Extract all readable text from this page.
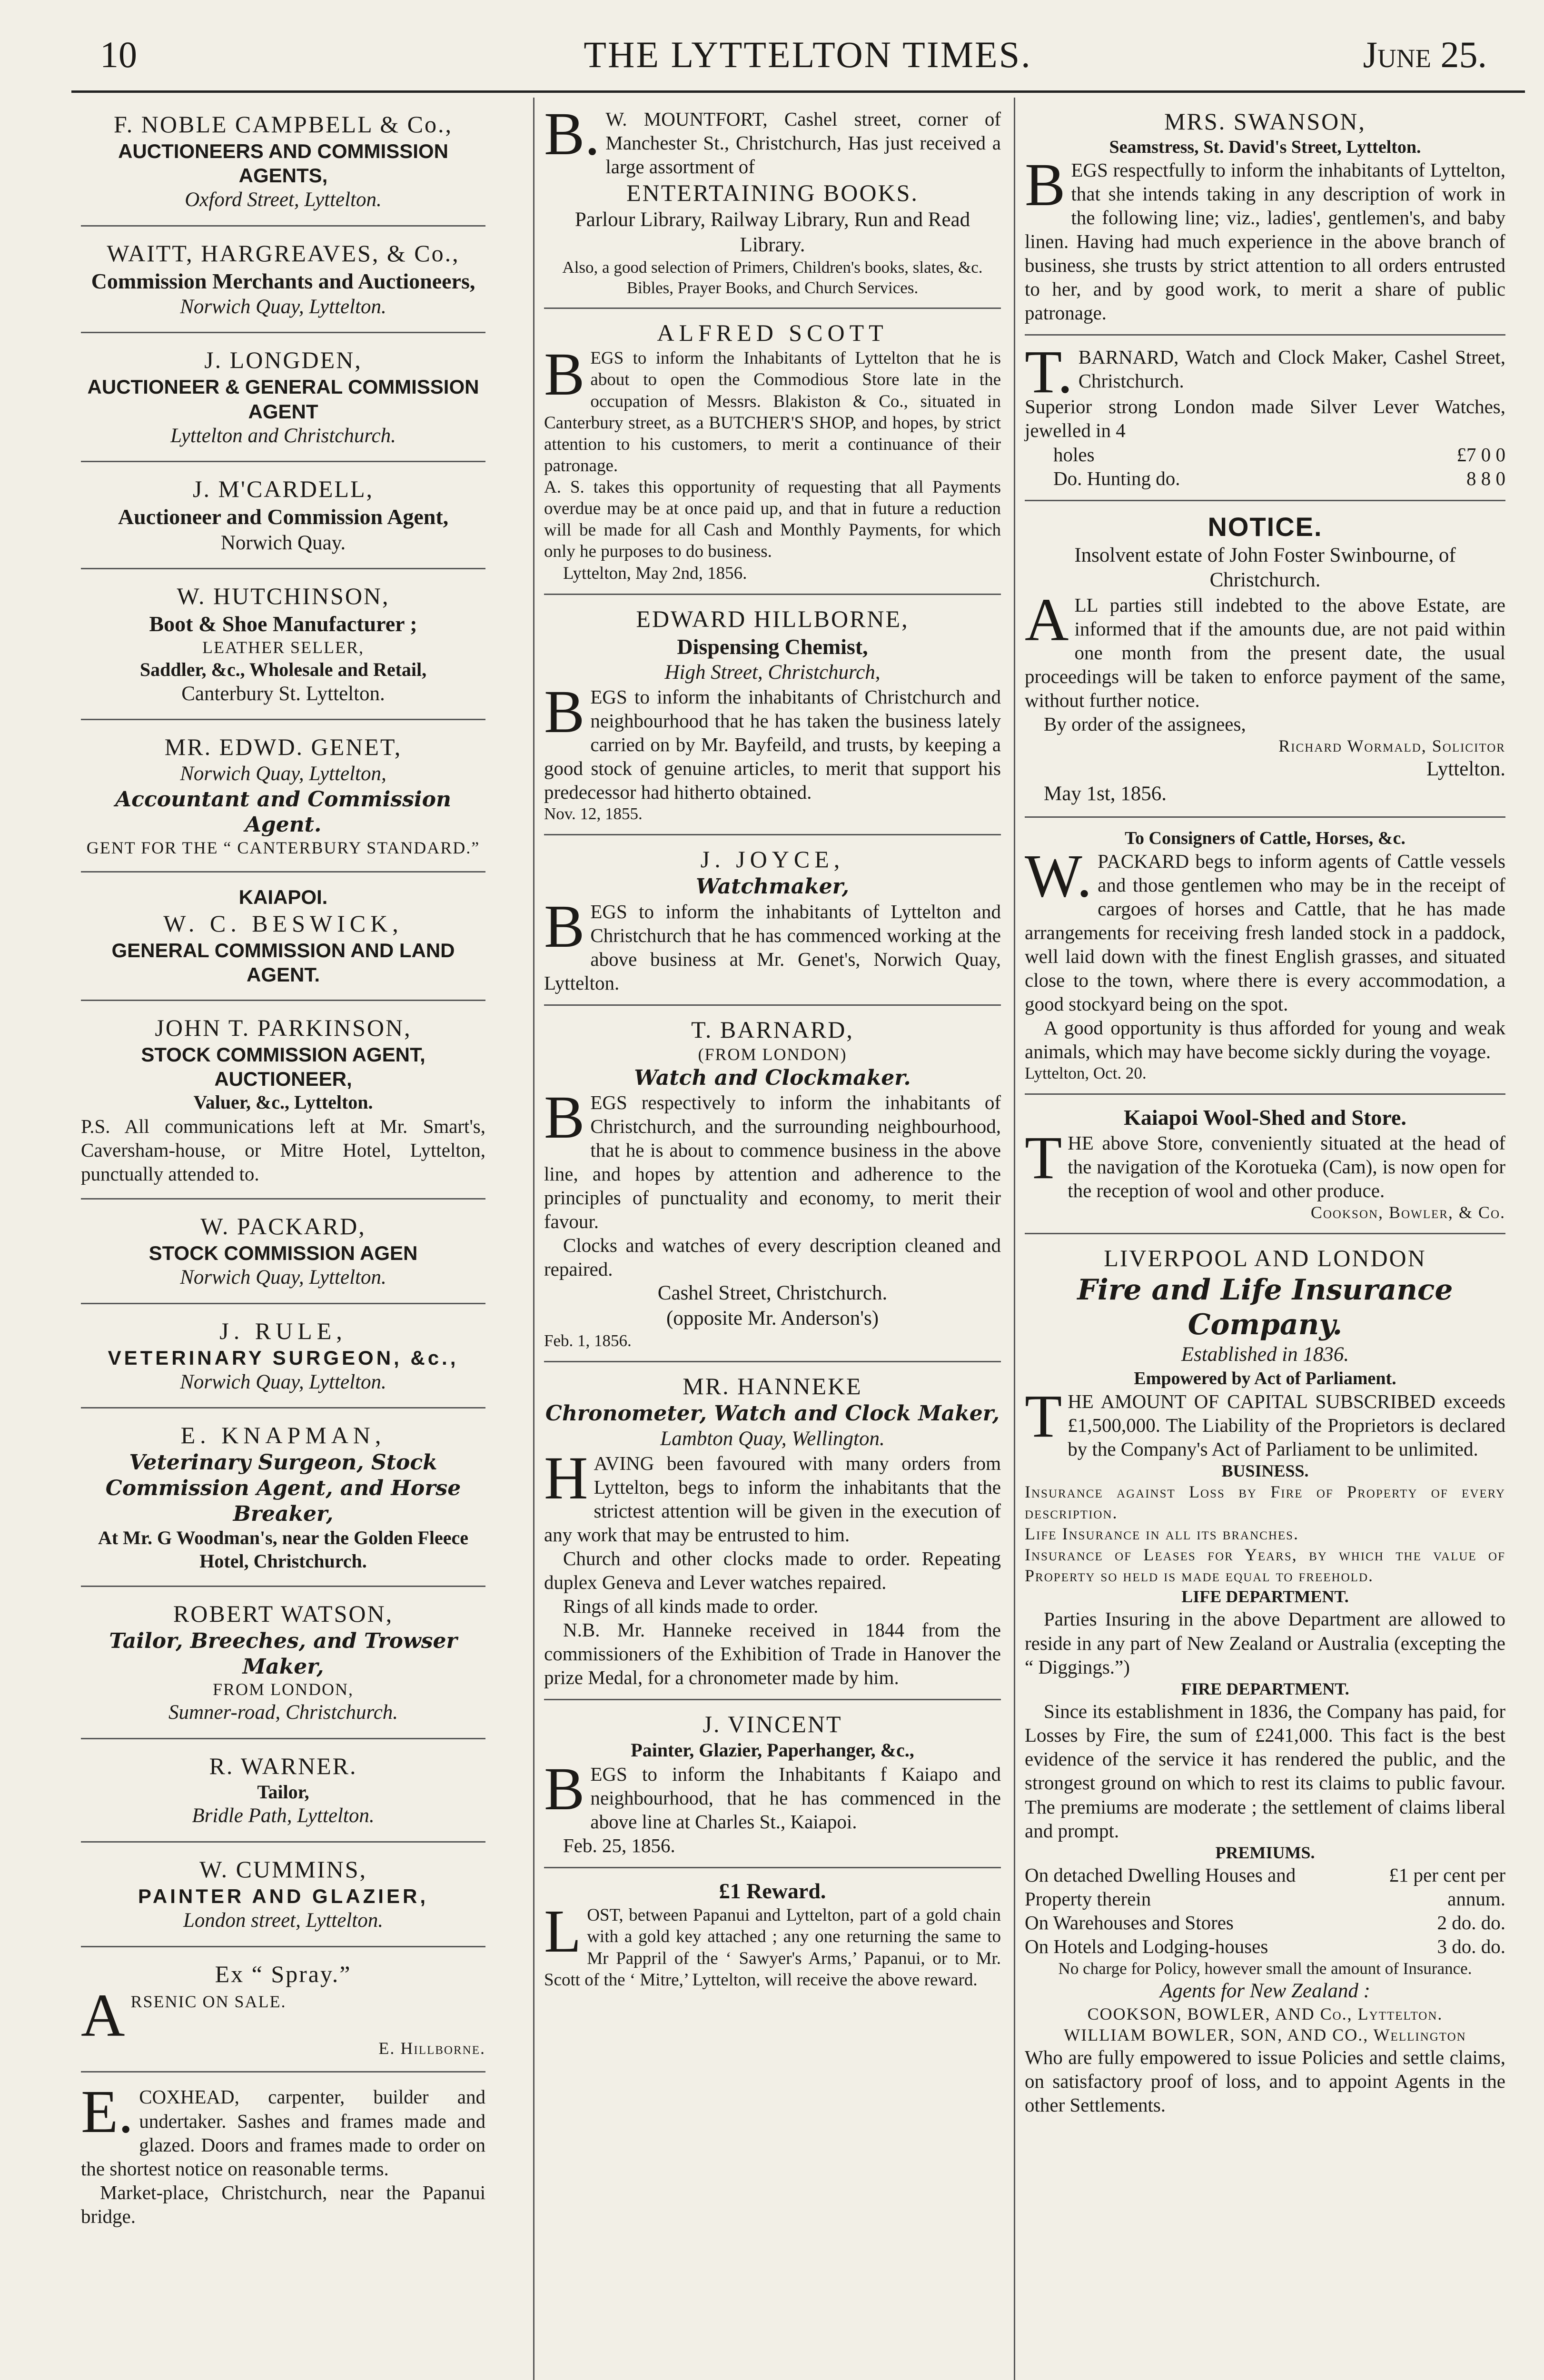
10	THE LYTTELTON TIMES.	June 25.
F. NOBLE CAMPBELL & Co.,
AUCTIONEERS AND COMMISSION AGENTS,
Oxford Street, Lyttelton.
WAITT, HARGREAVES, & Co.,
Commission Merchants and Auctioneers,
Norwich Quay, Lyttelton.
J. LONGDEN,
AUCTIONEER & GENERAL COMMISSION AGENT
Lyttelton and Christchurch.
J. M'CARDELL,
Auctioneer and Commission Agent,
Norwich Quay.
W. HUTCHINSON,
Boot & Shoe Manufacturer ;
LEATHER SELLER,
Saddler, &c., Wholesale and Retail,
Canterbury St. Lyttelton.
MR. EDWD. GENET,
Norwich Quay, Lyttelton,
Accountant and Commission Agent.
GENT FOR THE “ CANTERBURY STANDARD.”
KAIAPOI.
W. C. BESWICK,
GENERAL COMMISSION AND LAND AGENT.
JOHN T. PARKINSON,
STOCK COMMISSION AGENT, AUCTIONEER,
Valuer, &c., Lyttelton.
P.S. All communications left at Mr. Smart's, Caversham-house, or Mitre Hotel, Lyttelton, punctually attended to.
W. PACKARD,
STOCK COMMISSION AGEN
Norwich Quay, Lyttelton.
J. RULE,
VETERINARY SURGEON, &c.,
Norwich Quay, Lyttelton.
E. KNAPMAN,
Veterinary Surgeon, Stock Commission Agent, and Horse Breaker,
At Mr. G Woodman's, near the Golden Fleece Hotel, Christchurch.
ROBERT WATSON,
Tailor, Breeches, and Trowser Maker,
FROM LONDON,
Sumner-road, Christchurch.
R. WARNER.
Tailor,
Bridle Path, Lyttelton.
W. CUMMINS,
PAINTER AND GLAZIER,
London street, Lyttelton.
Ex “ Spray.”
A RSENIC ON SALE.
E. Hillborne.
E. COXHEAD, carpenter, builder and undertaker. Sashes and frames made and glazed. Doors and frames made to order on the shortest notice on reasonable terms.
Market-place, Christchurch, near the Papanui bridge.
B. W. MOUNTFORT, Cashel street, corner of Manchester St., Christchurch, Has just received a large assortment of
ENTERTAINING BOOKS.
Parlour Library, Railway Library, Run and Read Library.
Also, a good selection of Primers, Children's books, slates, &c. Bibles, Prayer Books, and Church Services.
ALFRED SCOTT
B EGS to inform the Inhabitants of Lyttelton that he is about to open the Commodious Store late in the occupation of Messrs. Blakiston & Co., situated in Canterbury street, as a BUTCHER'S SHOP, and hopes, by strict attention to his customers, to merit a continuance of their patronage.

A. S. takes this opportunity of requesting that all Payments overdue may be at once paid up, and that in future a reduction will be made for all Cash and Monthly Payments, for which only he purposes to do business.

Lyttelton, May 2nd, 1856.

EDWARD HILLBORNE,
Dispensing Chemist,
High Street, Christchurch,
B EGS to inform the inhabitants of Christchurch and neighbourhood that he has taken the business lately carried on by Mr. Bayfeild, and trusts, by keeping a good stock of genuine articles, to merit that support his predecessor had hitherto obtained.

Nov. 12, 1855.

J. JOYCE,
Watchmaker,
B EGS to inform the inhabitants of Lyttelton and Christchurch that he has commenced working at the above business at Mr. Genet's, Norwich Quay, Lyttelton.
T. BARNARD,
(FROM LONDON)
Watch and Clockmaker.
B EGS respectively to inform the inhabitants of Christchurch, and the surrounding neighbourhood, that he is about to commence business in the above line, and hopes by attention and adherence to the principles of punctuality and economy, to merit their favour.

Clocks and watches of every description cleaned and repaired.

Cashel Street, Christchurch.
(opposite Mr. Anderson's)
Feb. 1, 1856.
MR. HANNEKE
Chronometer, Watch and Clock Maker,
Lambton Quay, Wellington.
H AVING been favoured with many orders from Lyttelton, begs to inform the inhabitants that the strictest attention will be given in the execution of any work that may be entrusted to him.

Church and other clocks made to order. Repeating duplex Geneva and Lever watches repaired.

Rings of all kinds made to order.

N.B. Mr. Hanneke received in 1844 from the commissioners of the Exhibition of Trade in Hanover the prize Medal, for a chronometer made by him.

J. VINCENT
Painter, Glazier, Paperhanger, &c.,
B EGS to inform the Inhabitants f Kaiapo and neighbourhood, that he has commenced in the above line at Charles St., Kaiapoi.

Feb. 25, 1856.

£1 Reward.
L OST, between Papanui and Lyttelton, part of a gold chain with a gold key attached ; any one returning the same to Mr Pappril of the ‘ Sawyer's Arms,’ Papanui, or to Mr. Scott of the ‘ Mitre,’ Lyttelton, will receive the above reward.
MRS. SWANSON,
Seamstress, St. David's Street, Lyttelton.
B EGS respectfully to inform the inhabitants of Lyttelton, that she intends taking in any description of work in the following line; viz., ladies', gentlemen's, and baby linen. Having had much experience in the above branch of business, she trusts by strict attention to all orders entrusted to her, and by good work, to merit a share of public patronage.
T. BARNARD, Watch and Clock Maker, Cashel Street, Christchurch.

Superior strong London made Silver Lever Watches, jewelled in 4

holes	£7 0 0
Do. Hunting do.	8 8 0
NOTICE.
Insolvent estate of John Foster Swinbourne, of Christchurch.
A LL parties still indebted to the above Estate, are informed that if the amounts due, are not paid within one month from the present date, the usual proceedings will be taken to enforce payment of the same, without further notice.

By order of the assignees,

Richard Wormald, Solicitor
Lyttelton.
May 1st, 1856.
To Consigners of Cattle, Horses, &c.
W. PACKARD begs to inform agents of Cattle vessels and those gentlemen who may be in the receipt of cargoes of horses and Cattle, that he has made arrangements for receiving fresh landed stock in a paddock, well laid down with the finest English grasses, and situated close to the town, where there is every accommodation, a good stockyard being on the spot.

A good opportunity is thus afforded for young and weak animals, which may have become sickly during the voyage.

Lyttelton, Oct. 20.

Kaiapoi Wool-Shed and Store.
T HE above Store, conveniently situated at the head of the navigation of the Korotueka (Cam), is now open for the reception of wool and other produce.
Cookson, Bowler, & Co.
LIVERPOOL AND LONDON
Fire and Life Insurance Company.
Established in 1836.
Empowered by Act of Parliament.
T HE AMOUNT OF CAPITAL SUBSCRIBED exceeds £1,500,000. The Liability of the Proprietors is declared by the Company's Act of Parliament to be unlimited.
BUSINESS.

Insurance against Loss by Fire of Property of every description.

Life Insurance in all its branches.

Insurance of Leases for Years, by which the value of Property so held is made equal to freehold.

LIFE DEPARTMENT.

Parties Insuring in the above Department are allowed to reside in any part of New Zealand or Australia (excepting the “ Diggings.”)

FIRE DEPARTMENT.

Since its establishment in 1836, the Company has paid, for Losses by Fire, the sum of £241,000. This fact is the best evidence of the service it has rendered the public, and the strongest ground on which to rest its claims to public favour. The premiums are moderate ; the settlement of claims liberal and prompt.

PREMIUMS.
On detached Dwelling Houses and Property therein
£1 per cent per annum.
On Warehouses and Stores	2 do. do.
On Hotels and Lodging-houses	3 do. do.
No charge for Policy, however small the amount of Insurance.
Agents for New Zealand :
COOKSON, BOWLER, AND Co., Lyttelton.
WILLIAM BOWLER, SON, AND CO., Wellington
Who are fully empowered to issue Policies and settle claims, on satisfactory proof of loss, and to appoint Agents in the other Settlements.
